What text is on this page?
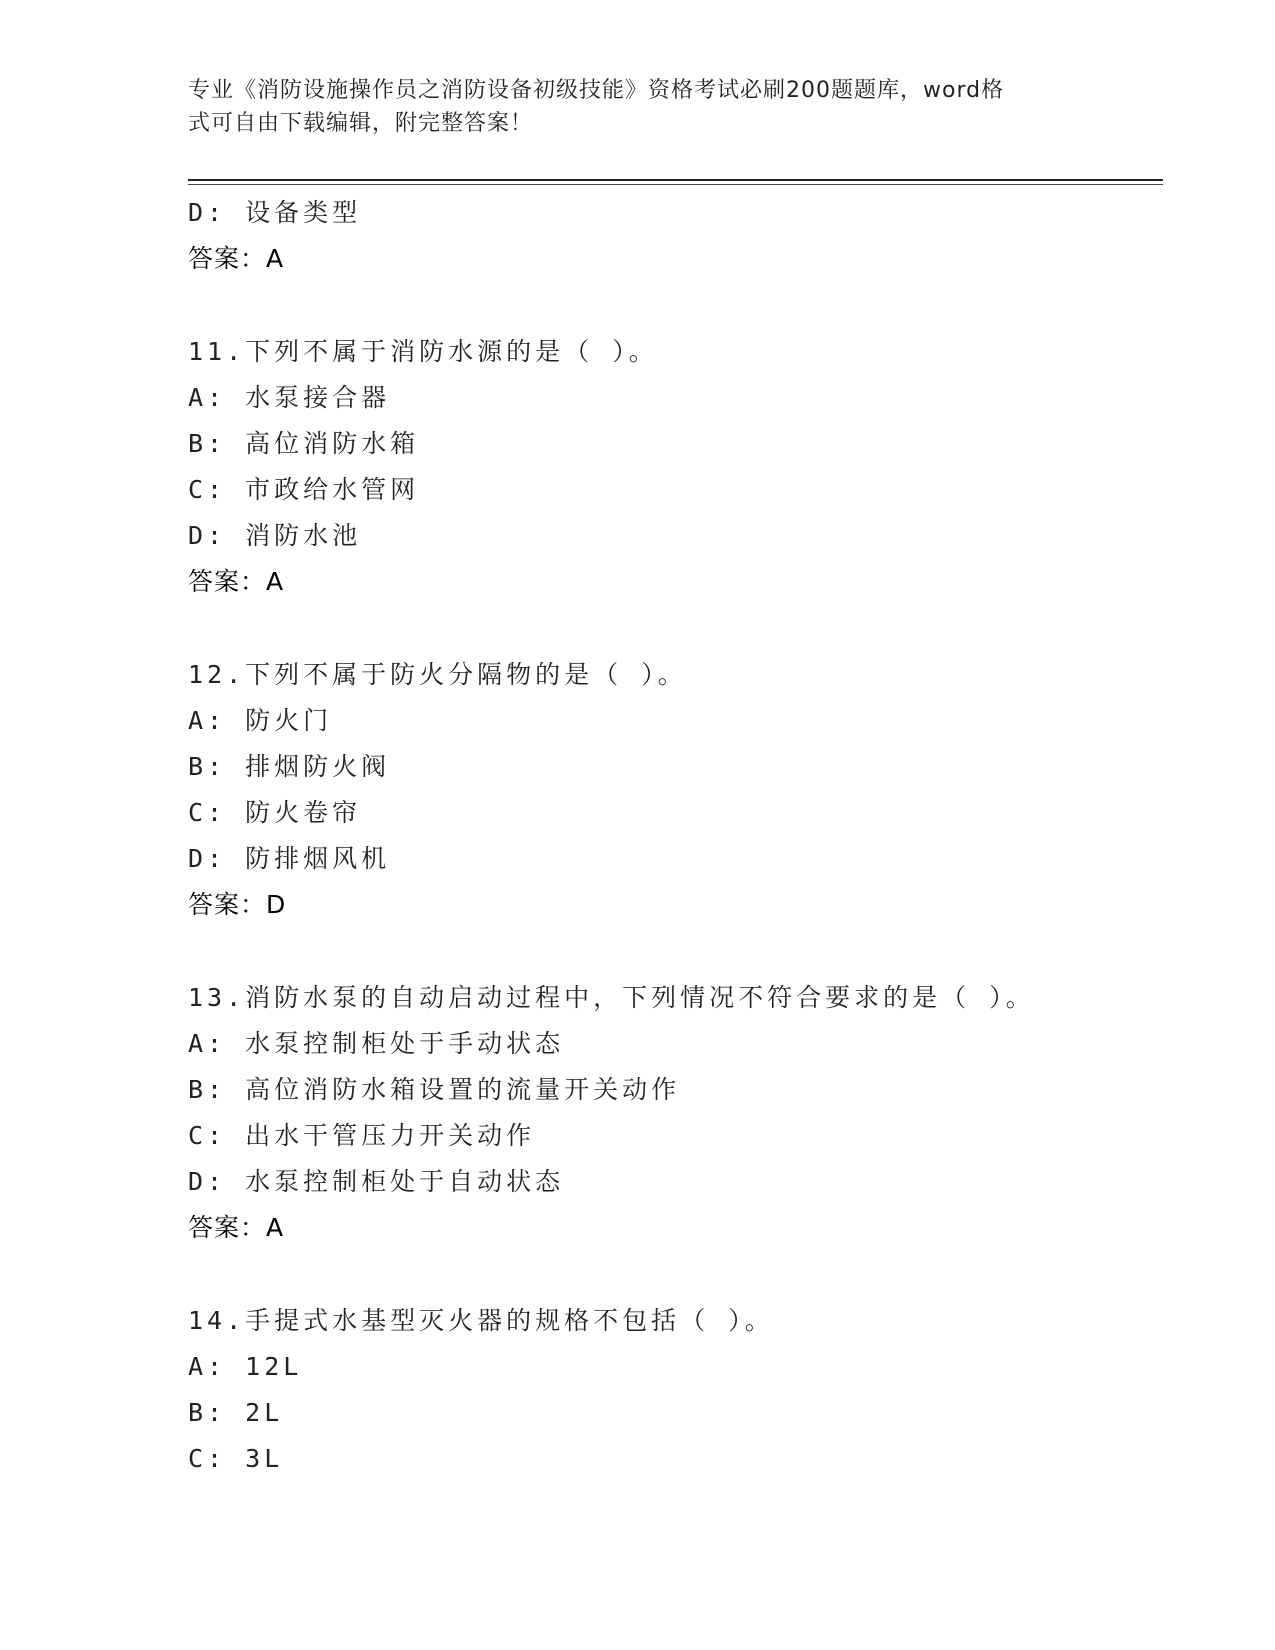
专业《消防设施操作员之消防设备初级技能》资格考试必刷200题题库，word格
式可自由下载编辑，附完整答案！
D: 设备类型
答案：A
11.下列不属于消防水源的是（ ）。
A: 水泵接合器
B: 高位消防水箱
C: 市政给水管网
D: 消防水池
答案：A
12.下列不属于防火分隔物的是（ ）。
A: 防火门
B: 排烟防火阀
C: 防火卷帘
D: 防排烟风机
答案：D
13.消防水泵的自动启动过程中，下列情况不符合要求的是（ ）。
A: 水泵控制柜处于手动状态
B: 高位消防水箱设置的流量开关动作
C: 出水干管压力开关动作
D: 水泵控制柜处于自动状态
答案：A
14.手提式水基型灭火器的规格不包括（ ）。
A: 12L
B: 2L
C: 3L
